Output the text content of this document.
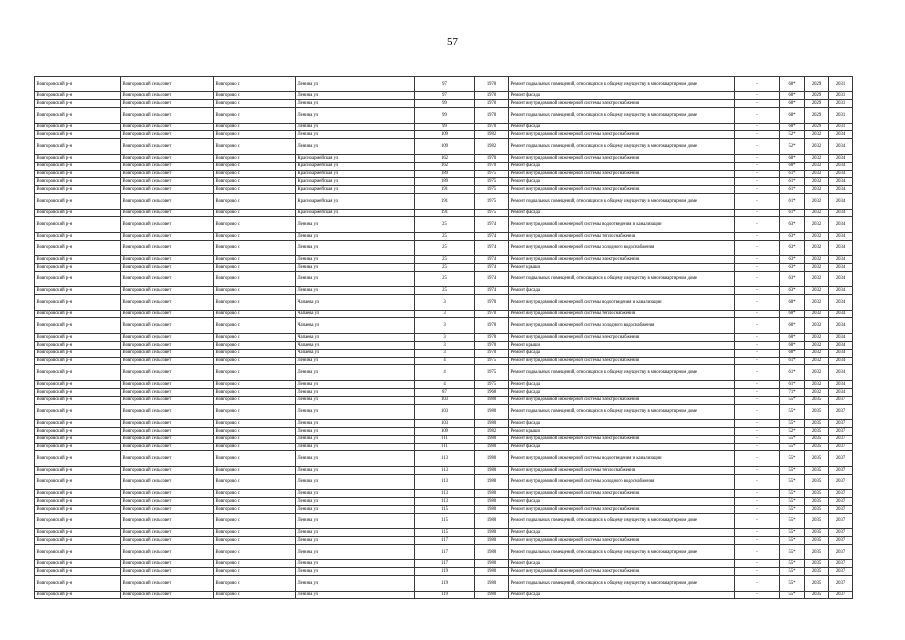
57
Вовгоровский р-н	Вовгоровский сельсовет	Вовгорово с	Ленина ул	97	1970	Ремонт подвальных помещений, относящихся к общему имуществу в многоквартирном доме	-	68*	2029	2031
Вовгоровский р-н	Вовгоровский сельсовет	Вовгорово с	Ленина ул	97	1970	Ремонт фасада	-	68*	2029	2031
Вовгоровский р-н	Вовгоровский сельсовет	Вовгорово с	Ленина ул	99	1970	Ремонт внутридомовой инженерной системы электроснабжения	-	68*	2029	2031
Вовгоровский р-н	Вовгоровский сельсовет	Вовгорово с	Ленина ул	99	1970	Ремонт подвальных помещений, относящихся к общему имуществу в многоквартирном доме	-	68*	2029	2031
Вовгоровский р-н	Вовгоровский сельсовет	Вовгорово с	Ленина ул	99	1970	Ремонт фасада	-	68*	2029	2031
Вовгоровский р-н	Вовгоровский сельсовет	Вовгорово с	Ленина ул	109	1982	Ремонт внутридомовой инженерной системы электроснабжения	-	52*	2032	2034
Вовгоровский р-н	Вовгоровский сельсовет	Вовгорово с	Ленина ул	109	1982	Ремонт подвальных помещений, относящихся к общему имуществу в многоквартирном доме	-	52*	2032	2034
Вовгоровский р-н	Вовгоровский сельсовет	Вовгорово с	Красноармейская ул	162	1970	Ремонт внутридомовой инженерной системы электроснабжения	-	68*	2032	2034
Вовгоровский р-н	Вовгоровский сельсовет	Вовгорово с	Красноармейская ул	162	1970	Ремонт фасада	-	68*	2032	2034
Вовгоровский р-н	Вовгоровский сельсовет	Вовгорово с	Красноармейская ул	189	1975	Ремонт внутридомовой инженерной системы электроснабжения	-	61*	2032	2034
Вовгоровский р-н	Вовгоровский сельсовет	Вовгорово с	Красноармейская ул	189	1975	Ремонт фасада	-	61*	2032	2034
Вовгоровский р-н	Вовгоровский сельсовет	Вовгорово с	Красноармейская ул	191	1975	Ремонт внутридомовой инженерной системы электроснабжения	-	61*	2032	2034
Вовгоровский р-н	Вовгоровский сельсовет	Вовгорово с	Красноармейская ул	191	1975	Ремонт подвальных помещений, относящихся к общему имуществу в многоквартирном доме	-	61*	2032	2034
Вовгоровский р-н	Вовгоровский сельсовет	Вовгорово с	Красноармейская ул	191	1975	Ремонт фасада	-	61*	2032	2034
Вовгоровский р-н	Вовгоровский сельсовет	Вовгорово с	Ленина ул	25	1974	Ремонт внутридомовой инженерной системы водоотведения и канализации	-	63*	2032	2034
Вовгоровский р-н	Вовгоровский сельсовет	Вовгорово с	Ленина ул	25	1974	Ремонт внутридомовой инженерной системы теплоснабжения	-	63*	2032	2034
Вовгоровский р-н	Вовгоровский сельсовет	Вовгорово с	Ленина ул	25	1974	Ремонт внутридомовой инженерной системы холодного водоснабжения	-	63*	2032	2034
Вовгоровский р-н	Вовгоровский сельсовет	Вовгорово с	Ленина ул	25	1974	Ремонт внутридомовой инженерной системы электроснабжения	-	63*	2032	2034
Вовгоровский р-н	Вовгоровский сельсовет	Вовгорово с	Ленина ул	25	1974	Ремонт крыши	-	63*	2032	2034
Вовгоровский р-н	Вовгоровский сельсовет	Вовгорово с	Ленина ул	25	1974	Ремонт подвальных помещений, относящихся к общему имуществу в многоквартирном доме	-	63*	2032	2034
Вовгоровский р-н	Вовгоровский сельсовет	Вовгорово с	Ленина ул	25	1974	Ремонт фасада	-	63*	2032	2034
Вовгоровский р-н	Вовгоровский сельсовет	Вовгорово с	Чапаева ул	3	1970	Ремонт внутридомовой инженерной системы водоотведения и канализации	-	68*	2032	2034
Вовгоровский р-н	Вовгоровский сельсовет	Вовгорово с	Чапаева ул	3	1970	Ремонт внутридомовой инженерной системы теплоснабжения	-	68*	2032	2034
Вовгоровский р-н	Вовгоровский сельсовет	Вовгорово с	Чапаева ул	3	1970	Ремонт внутридомовой инженерной системы холодного водоснабжения	-	68*	2032	2034
Вовгоровский р-н	Вовгоровский сельсовет	Вовгорово с	Чапаева ул	3	1970	Ремонт внутридомовой инженерной системы электроснабжения	-	68*	2032	2034
Вовгоровский р-н	Вовгоровский сельсовет	Вовгорово с	Чапаева ул	3	1970	Ремонт крыши	-	68*	2032	2034
Вовгоровский р-н	Вовгоровский сельсовет	Вовгорово с	Чапаева ул	3	1970	Ремонт фасада	-	68*	2032	2034
Вовгоровский р-н	Вовгоровский сельсовет	Вовгорово с	Ленина ул	4	1975	Ремонт внутридомовой инженерной системы электроснабжения	-	61*	2032	2034
Вовгоровский р-н	Вовгоровский сельсовет	Вовгорово с	Ленина ул	4	1975	Ремонт подвальных помещений, относящихся к общему имуществу в многоквартирном доме	-	61*	2032	2034
Вовгоровский р-н	Вовгоровский сельсовет	Вовгорово с	Ленина ул	4	1975	Ремонт фасада	-	61*	2032	2034
Вовгоровский р-н	Вовгоровский сельсовет	Вовгорово с	Ленина ул	87	1968	Ремонт фасада	-	71*	2032	2034
Вовгоровский р-н	Вовгоровский сельсовет	Вовгорово с	Ленина ул	103	1980	Ремонт внутридомовой инженерной системы электроснабжения	-	55*	2035	2037
Вовгоровский р-н	Вовгоровский сельсовет	Вовгорово с	Ленина ул	103	1980	Ремонт подвальных помещений, относящихся к общему имуществу в многоквартирном доме	-	55*	2035	2037
Вовгоровский р-н	Вовгоровский сельсовет	Вовгорово с	Ленина ул	103	1980	Ремонт фасада	-	55*	2035	2037
Вовгоровский р-н	Вовгоровский сельсовет	Вовгорово с	Ленина ул	109	1982	Ремонт крыши	-	52*	2035	2037
Вовгоровский р-н	Вовгоровский сельсовет	Вовгорово с	Ленина ул	111	1980	Ремонт внутридомовой инженерной системы электроснабжения	-	55*	2035	2037
Вовгоровский р-н	Вовгоровский сельсовет	Вовгорово с	Ленина ул	111	1980	Ремонт фасада	-	55*	2035	2037
Вовгоровский р-н	Вовгоровский сельсовет	Вовгорово с	Ленина ул	113	1980	Ремонт внутридомовой инженерной системы водоотведения и канализации	-	55*	2035	2037
Вовгоровский р-н	Вовгоровский сельсовет	Вовгорово с	Ленина ул	113	1980	Ремонт внутридомовой инженерной системы теплоснабжения	-	55*	2035	2037
Вовгоровский р-н	Вовгоровский сельсовет	Вовгорово с	Ленина ул	113	1980	Ремонт внутридомовой инженерной системы холодного водоснабжения	-	55*	2035	2037
Вовгоровский р-н	Вовгоровский сельсовет	Вовгорово с	Ленина ул	113	1980	Ремонт внутридомовой инженерной системы электроснабжения	-	55*	2035	2037
Вовгоровский р-н	Вовгоровский сельсовет	Вовгорово с	Ленина ул	113	1980	Ремонт фасада	-	55*	2035	2037
Вовгоровский р-н	Вовгоровский сельсовет	Вовгорово с	Ленина ул	115	1980	Ремонт внутридомовой инженерной системы электроснабжения	-	55*	2035	2037
Вовгоровский р-н	Вовгоровский сельсовет	Вовгорово с	Ленина ул	115	1980	Ремонт подвальных помещений, относящихся к общему имуществу в многоквартирном доме	-	55*	2035	2037
Вовгоровский р-н	Вовгоровский сельсовет	Вовгорово с	Ленина ул	115	1980	Ремонт фасада	-	55*	2035	2037
Вовгоровский р-н	Вовгоровский сельсовет	Вовгорово с	Ленина ул	117	1980	Ремонт внутридомовой инженерной системы электроснабжения	-	55*	2035	2037
Вовгоровский р-н	Вовгоровский сельсовет	Вовгорово с	Ленина ул	117	1980	Ремонт подвальных помещений, относящихся к общему имуществу в многоквартирном доме	-	55*	2035	2037
Вовгоровский р-н	Вовгоровский сельсовет	Вовгорово с	Ленина ул	117	1980	Ремонт фасада	-	55*	2035	2037
Вовгоровский р-н	Вовгоровский сельсовет	Вовгорово с	Ленина ул	119	1980	Ремонт внутридомовой инженерной системы электроснабжения	-	55*	2035	2037
Вовгоровский р-н	Вовгоровский сельсовет	Вовгорово с	Ленина ул	119	1980	Ремонт подвальных помещений, относящихся к общему имуществу в многоквартирном доме	-	55*	2035	2037
Вовгоровский р-н	Вовгоровский сельсовет	Вовгорово с	Ленина ул	119	1980	Ремонт фасада	-	55*	2035	2037
